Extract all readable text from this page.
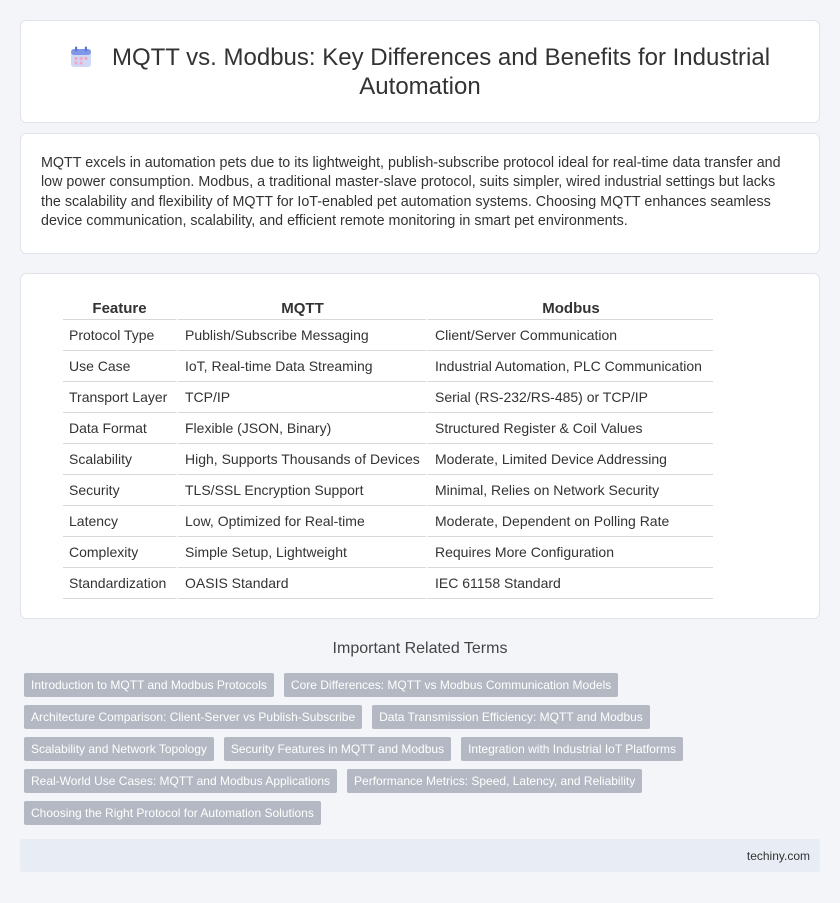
MQTT vs. Modbus: Key Differences and Benefits for Industrial Automation

MQTT excels in automation pets due to its lightweight, publish-subscribe protocol ideal for real-time data transfer and low power consumption. Modbus, a traditional master-slave protocol, suits simpler, wired industrial settings but lacks the scalability and flexibility of MQTT for IoT-enabled pet automation systems. Choosing MQTT enhances seamless device communication, scalability, and efficient remote monitoring in smart pet environments.

Feature	MQTT	Modbus
Protocol Type	Publish/Subscribe Messaging	Client/Server Communication
Use Case	IoT, Real-time Data Streaming	Industrial Automation, PLC Communication
Transport Layer	TCP/IP	Serial (RS-232/RS-485) or TCP/IP
Data Format	Flexible (JSON, Binary)	Structured Register & Coil Values
Scalability	High, Supports Thousands of Devices	Moderate, Limited Device Addressing
Security	TLS/SSL Encryption Support	Minimal, Relies on Network Security
Latency	Low, Optimized for Real-time	Moderate, Dependent on Polling Rate
Complexity	Simple Setup, Lightweight	Requires More Configuration
Standardization	OASIS Standard	IEC 61158 Standard
Important Related Terms
Introduction to MQTT and Modbus Protocols Core Differences: MQTT vs Modbus Communication Models
Architecture Comparison: Client-Server vs Publish-Subscribe Data Transmission Efficiency: MQTT and Modbus
Scalability and Network Topology Security Features in MQTT and Modbus Integration with Industrial IoT Platforms
Real-World Use Cases: MQTT and Modbus Applications Performance Metrics: Speed, Latency, and Reliability
Choosing the Right Protocol for Automation Solutions
techiny.com
